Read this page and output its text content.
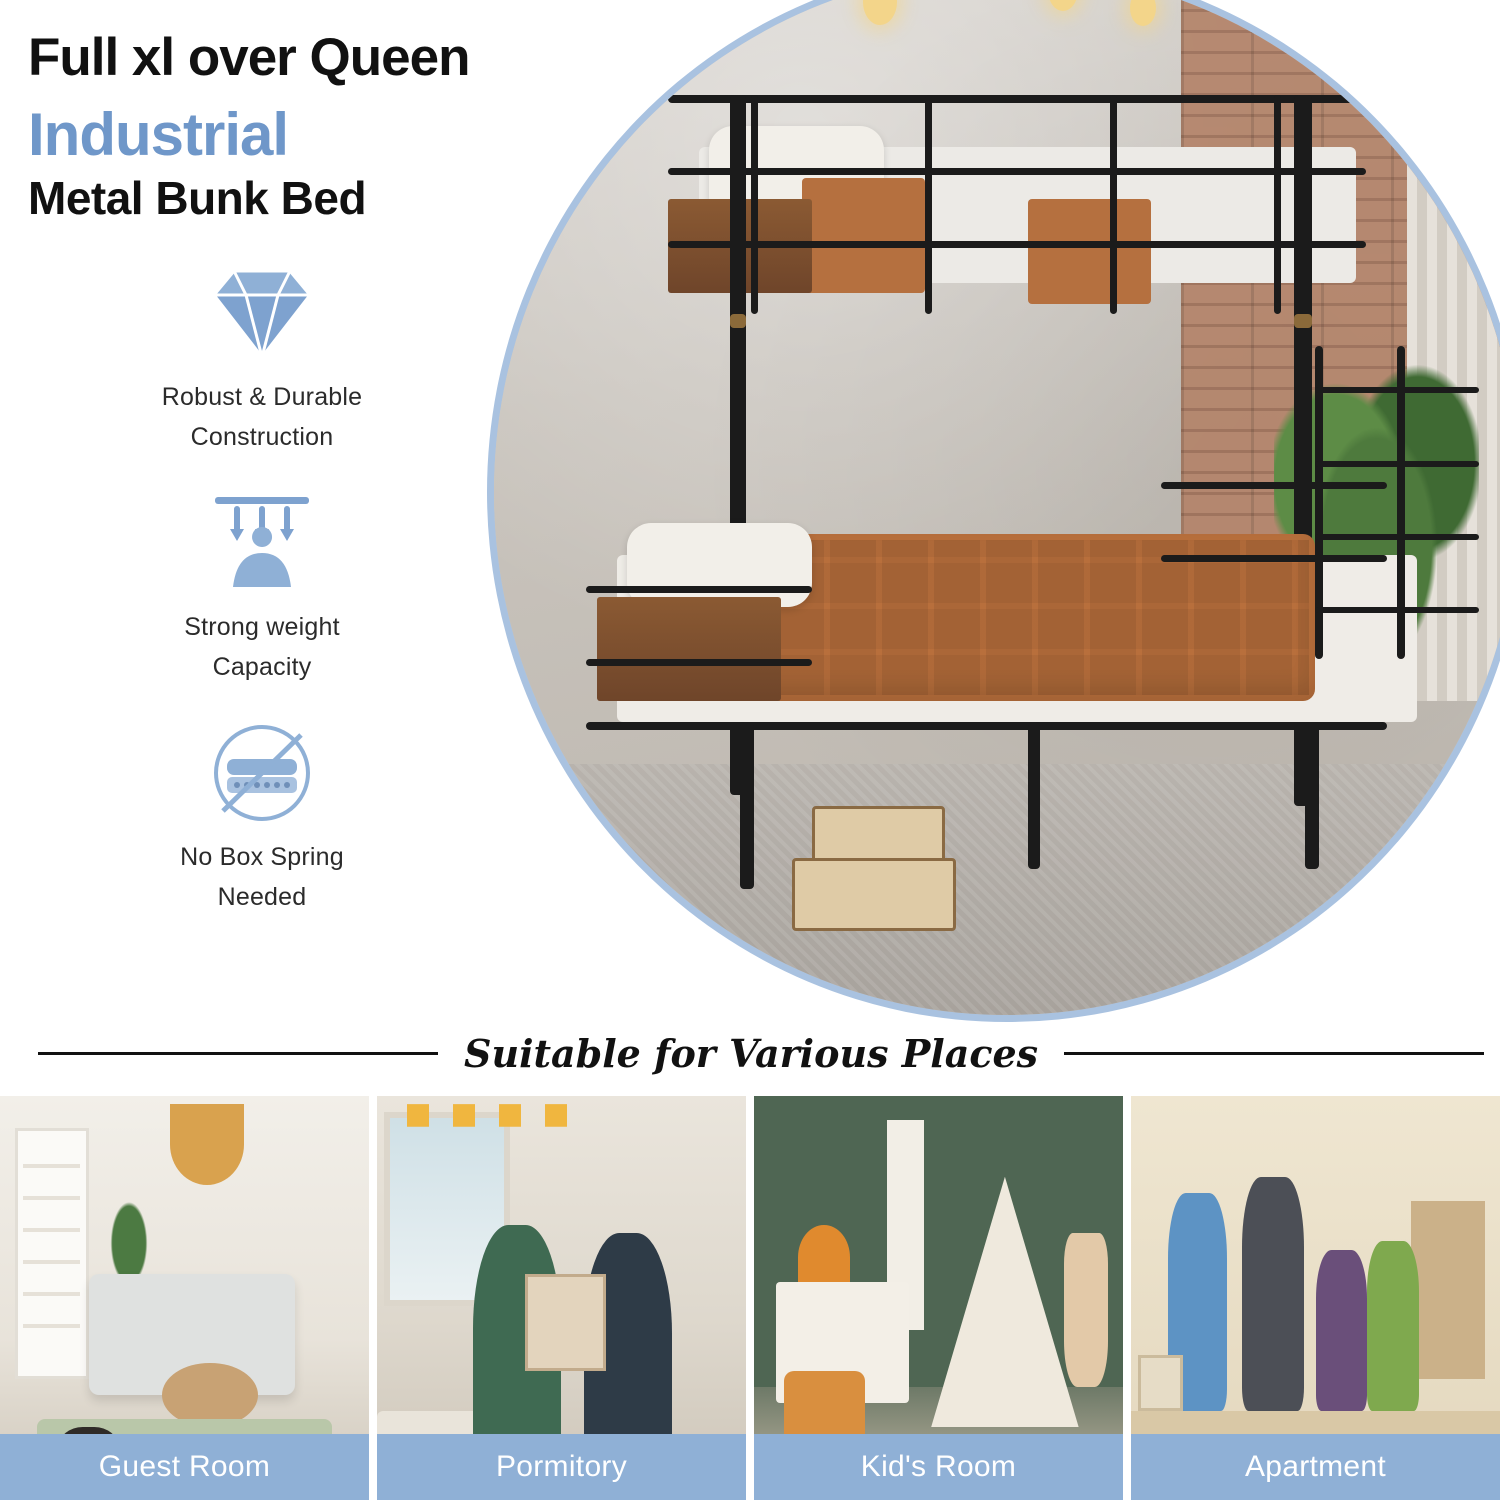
Full xl over Queen
Industrial
Metal Bunk Bed
Robust & Durable
Construction
Strong weight
Capacity
No Box Spring
Needed
Suitable for Various Places
Guest Room	Pormitory	Kid's Room	Apartment
